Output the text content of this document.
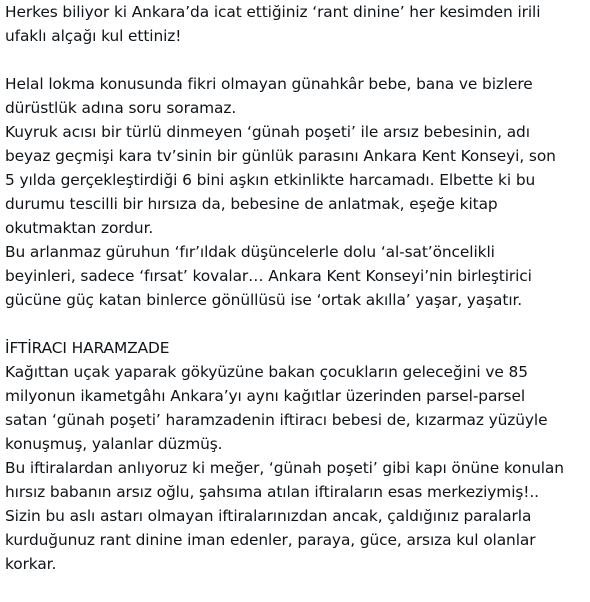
Herkes biliyor ki Ankara’da icat ettiğiniz ‘rant dinine’ her kesimden irili
ufaklı alçağı kul ettiniz!
Helal lokma konusunda fikri olmayan günahkâr bebe, bana ve bizlere
dürüstlük adına soru soramaz.
Kuyruk acısı bir türlü dinmeyen ‘günah poşeti’ ile arsız bebesinin, adı
beyaz geçmişi kara tv’sinin bir günlük parasını Ankara Kent Konseyi, son
5 yılda gerçekleştirdiği 6 bini aşkın etkinlikte harcamadı. Elbette ki bu
durumu tescilli bir hırsıza da, bebesine de anlatmak, eşeğe kitap
okutmaktan zordur.
Bu arlanmaz güruhun ‘fır’ıldak düşüncelerle dolu ‘al-sat’öncelikli
beyinleri, sadece ‘fırsat’ kovalar… Ankara Kent Konseyi’nin birleştirici
gücüne güç katan binlerce gönüllüsü ise ‘ortak akılla’ yaşar, yaşatır.
İFTİRACI HARAMZADE
Kağıttan uçak yaparak gökyüzüne bakan çocukların geleceğini ve 85
milyonun ikametgâhı Ankara’yı aynı kağıtlar üzerinden parsel-parsel
satan ‘günah poşeti’ haramzadenin iftiracı bebesi de, kızarmaz yüzüyle
konuşmuş, yalanlar düzmüş.
Bu iftiralardan anlıyoruz ki meğer, ‘günah poşeti’ gibi kapı önüne konulan
hırsız babanın arsız oğlu, şahsıma atılan iftiraların esas merkeziymiş!..
Sizin bu aslı astarı olmayan iftiralarınızdan ancak, çaldığınız paralarla
kurduğunuz rant dinine iman edenler, paraya, güce, arsıza kul olanlar
korkar.
